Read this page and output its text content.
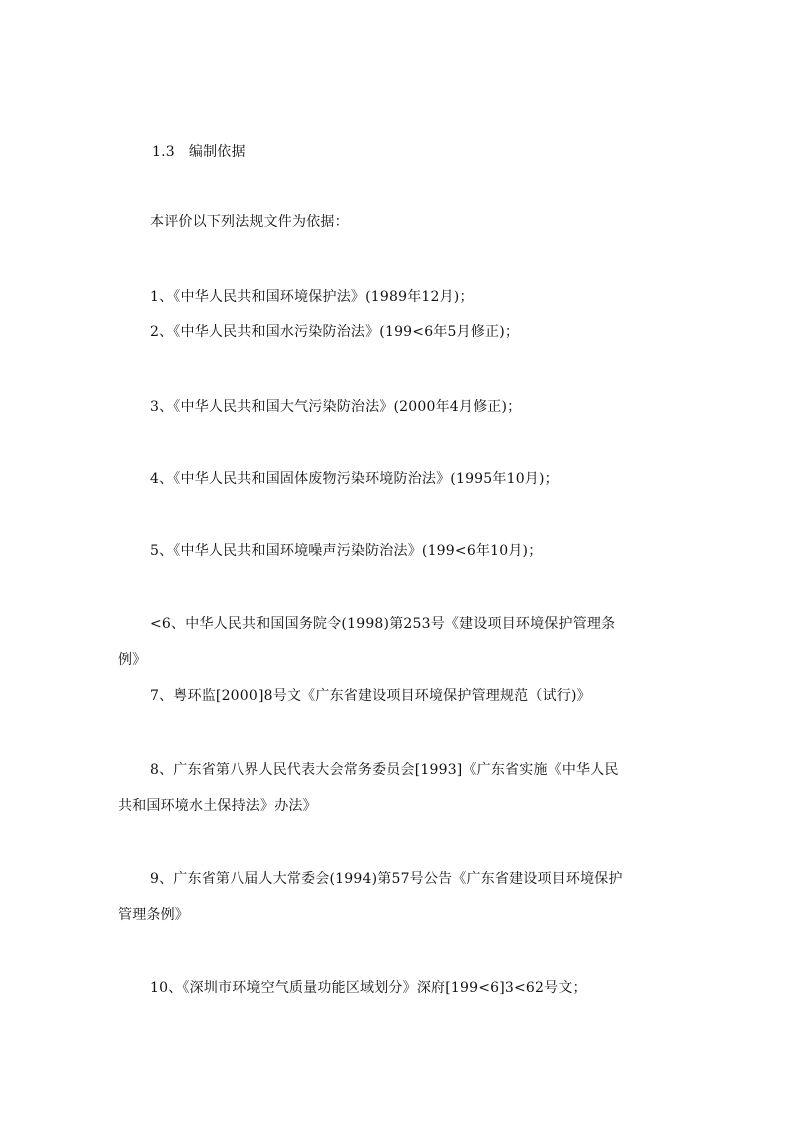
1.3 编制依据
本评价以下列法规文件为依据：
1、《中华人民共和国环境保护法》(1989年12月)；
2、《中华人民共和国水污染防治法》(199<6年5月修正)；
3、《中华人民共和国大气污染防治法》(2000年4月修正)；
4、《中华人民共和国固体废物污染环境防治法》(1995年10月)；
5、《中华人民共和国环境噪声污染防治法》(199<6年10月)；
<6、中华人民共和国国务院令(1998)第253号《建设项目环境保护管理条
例》
7、粤环监[2000]8号文《广东省建设项目环境保护管理规范（试行)》
8、广东省第八界人民代表大会常务委员会[1993]《广东省实施《中华人民
共和国环境水土保持法》办法》
9、广东省第八届人大常委会(1994)第57号公告《广东省建设项目环境保护
管理条例》
10、《深圳市环境空气质量功能区域划分》深府[199<6]3<62号文；
